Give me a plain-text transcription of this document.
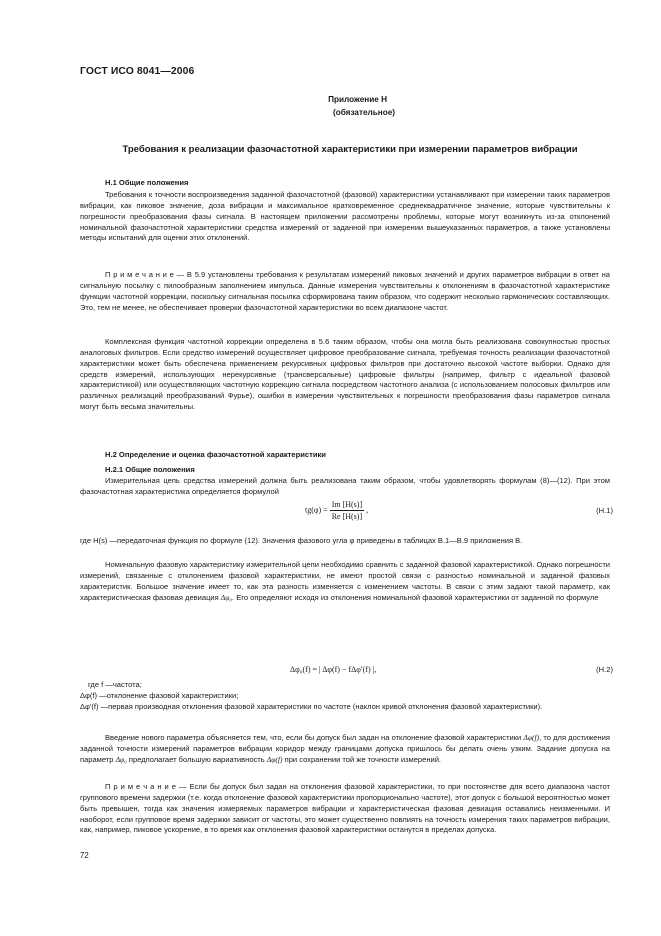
ГОСТ ИСО 8041—2006
Приложение Н
(обязательное)
Требования к реализации фазочастотной характеристики при измерении параметров вибрации
Н.1 Общие положения
Требования к точности воспроизведения заданной фазочастотной (фазовой) характеристики устанавливают при измерении таких параметров вибрации, как пиковое значение, доза вибрации и максимальное кратковременное среднеквадратичное значение, которые чувствительны к погрешности преобразования фазы сигнала. В настоящем приложении рассмотрены проблемы, которые могут возникнуть из-за отклонений номинальной фазочастотной характеристики средства измерений от заданной при измерении вышеуказанных параметров, а также установлены методы испытаний для оценки этих отклонений.
П р и м е ч а н и е — В 5.9 установлены требования к результатам измерений пиковых значений и других параметров вибрации в ответ на сигнальную посылку с пилообразным заполнением импульса. Данные измерения чувствительны к отклонениям в фазочастотной характеристике функции частотной коррекции, поскольку сигнальная посылка сформирована таким образом, что содержит несколько гармонических составляющих. Это, тем не менее, не обеспечивает проверки фазочастотной характеристики во всем диапазоне частот.
Комплексная функция частотной коррекции определена в 5.6 таким образом, чтобы она могла быть реализована совокупностью простых аналоговых фильтров. Если средство измерений осуществляет цифровое преобразование сигнала, требуемая точность реализации фазочастотной характеристики может быть обеспечена применением рекурсивных цифровых фильтров при достаточно высокой частоте выборки. Однако для средств измерений, использующих нерекурсивные (трансверсальные) цифровые фильтры (например, фильтр с идеальной фазовой характеристикой) или осуществляющих частотную коррекцию сигнала посредством частотного анализа (с использованием полосовых фильтров или различных реализаций преобразований Фурье), ошибки в измерении чувствительных к погрешности преобразования фазы параметров сигнала могут быть весьма значительны.
Н.2 Определение и оценка фазочастотной характеристики
Н.2.1 Общие положения
Измерительная цепь средства измерений должна быть реализована таким образом, чтобы удовлетворять формулам (8)—(12). При этом фазочастотная характеристика определяется формулой
$tg(\varphi) = \frac{Im [H(s)]}{Re [H(s)]}$ ,	(Н.1)
где H(s) — передаточная функция по формуле (12). Значения фазового угла φ приведены в таблицах В.1—В.9 приложения В.
Номинальную фазовую характеристику измерительной цепи необходимо сравнить с заданной фазовой характеристикой. Однако погрешности измерений, связанные с отклонением фазовой характеристики, не имеют простой связи с разностью номинальной и заданной фазовых характеристик. Большое значение имеет то, как эта разность изменяется с изменением частоты. В связи с этим задают такой параметр, как характеристическая фазовая девиация Δφ₀. Его определяют исходя из отклонения номинальной фазовой характеристики от заданной по формуле
Δφ₀(f) = | Δφ(f) − fΔφ′(f) |,	(Н.2)
где f — частота;
Δφ(f) — отклонение фазовой характеристики;
Δφ′(f) — первая производная отклонения фазовой характеристики по частоте (наклон кривой отклонения фазовой характеристики).
Введение нового параметра объясняется тем, что, если бы допуск был задан на отклонение фазовой характеристики Δφ(f), то для достижения заданной точности измерений параметров вибрации коридор между границами допуска пришлось бы делать очень узким. Задание допуска на параметр Δφ₀ предполагает большую вариативность Δφ(f) при сохранении той же точности измерений.
П р и м е ч а н и е — Если бы допуск был задан на отклонения фазовой характеристики, то при постоянстве для всего диапазона частот группового времени задержки (т.е. когда отклонение фазовой характеристики пропорционально частоте), этот допуск с большой вероятностью может быть превышен, тогда как значения измеряемых параметров вибрации и характеристическая фазовая девиация оставались неизменными. И наоборот, если групповое время задержки зависит от частоты, это может существенно повлиять на точность измерения таких параметров вибрации, как, например, пиковое ускорение, в то время как отклонения фазовой характеристики останутся в пределах допуска.
72
